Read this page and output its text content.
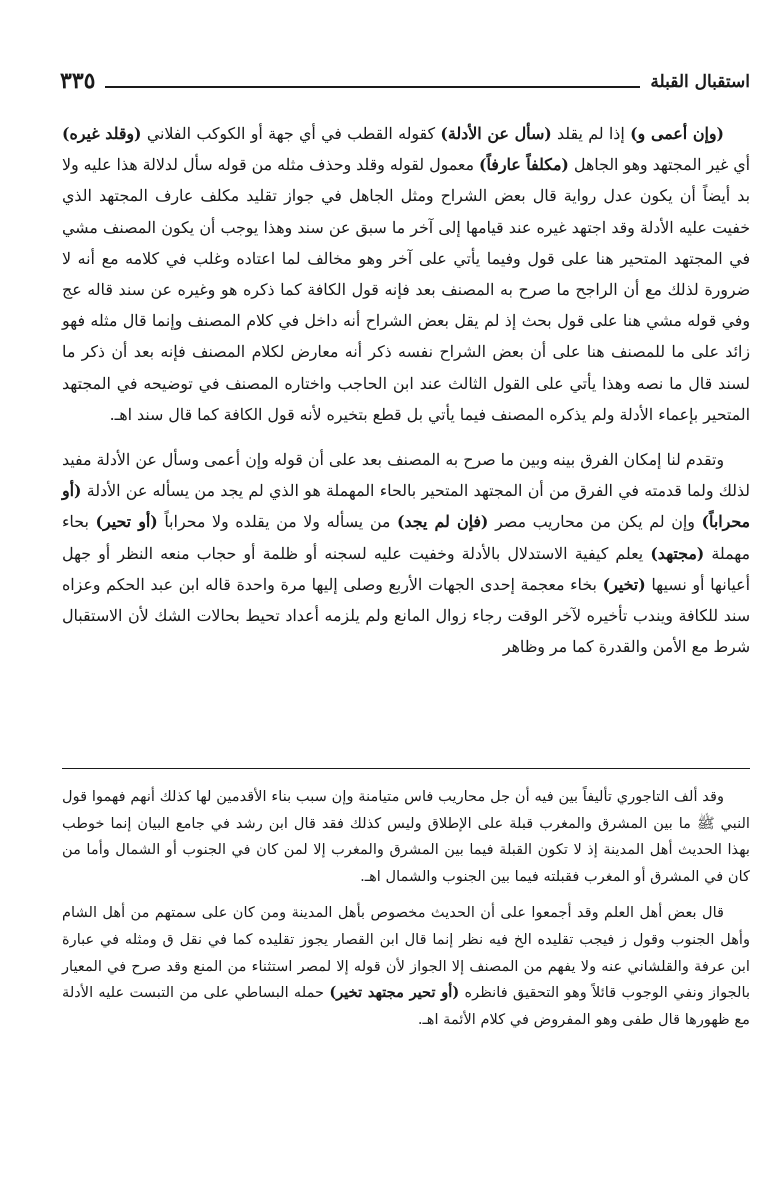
استقبال القبلة
٣٣٥

(وإن أعمى و) إذا لم يقلد (سأل عن الأدلة) كقوله القطب في أي جهة أو الكوكب الفلاني (وقلد غيره) أي غير المجتهد وهو الجاهل (مكلفاً عارفاً) معمول لقوله وقلد وحذف مثله من قوله سأل لدلالة هذا عليه ولا بد أيضاً أن يكون عدل رواية قال بعض الشراح ومثل الجاهل في جواز تقليد مكلف عارف المجتهد الذي خفيت عليه الأدلة وقد اجتهد غيره عند قيامها إلى آخر ما سبق عن سند وهذا يوجب أن يكون المصنف مشي في المجتهد المتحير هنا على قول وفيما يأتي على آخر وهو مخالف لما اعتاده وغلب في كلامه مع أنه لا ضرورة لذلك مع أن الراجح ما صرح به المصنف بعد فإنه قول الكافة كما ذكره هو وغيره عن سند قاله عج وفي قوله مشي هنا على قول بحث إذ لم يقل بعض الشراح أنه داخل في كلام المصنف وإنما قال مثله فهو زائد على ما للمصنف هنا على أن بعض الشراح نفسه ذكر أنه معارض لكلام المصنف فإنه بعد أن ذكر ما لسند قال ما نصه وهذا يأتي على القول الثالث عند ابن الحاجب واختاره المصنف في توضيحه في المجتهد المتحير بإعماء الأدلة ولم يذكره المصنف فيما يأتي بل قطع بتخيره لأنه قول الكافة كما قال سند اهـ.

وتقدم لنا إمكان الفرق بينه وبين ما صرح به المصنف بعد على أن قوله وإن أعمى وسأل عن الأدلة مفيد لذلك ولما قدمته في الفرق من أن المجتهد المتحير بالحاء المهملة هو الذي لم يجد من يسأله عن الأدلة (أو محراباً) وإن لم يكن من محاريب مصر (فإن لم يجد) من يسأله ولا من يقلده ولا محراباً (أو تحير) بحاء مهملة (مجتهد) يعلم كيفية الاستدلال بالأدلة وخفيت عليه لسجنه أو ظلمة أو حجاب منعه النظر أو جهل أعيانها أو نسيها (تخير) بخاء معجمة إحدى الجهات الأربع وصلى إليها مرة واحدة قاله ابن عبد الحكم وعزاه سند للكافة ويندب تأخيره لآخر الوقت رجاء زوال المانع ولم يلزمه أعداد تحيط بحالات الشك لأن الاستقبال شرط مع الأمن والقدرة كما مر وظاهر

وقد ألف التاجوري تأليفاً بين فيه أن جل محاريب فاس متيامنة وإن سبب بناء الأقدمين لها كذلك أنهم فهموا قول النبي ﷺ ما بين المشرق والمغرب قبلة على الإطلاق وليس كذلك فقد قال ابن رشد في جامع البيان إنما خوطب بهذا الحديث أهل المدينة إذ لا تكون القبلة فيما بين المشرق والمغرب إلا لمن كان في الجنوب أو الشمال وأما من كان في المشرق أو المغرب فقبلته فيما بين الجنوب والشمال اهـ.

قال بعض أهل العلم وقد أجمعوا على أن الحديث مخصوص بأهل المدينة ومن كان على سمتهم من أهل الشام وأهل الجنوب وقول ز فيجب تقليده الخ فيه نظر إنما قال ابن القصار يجوز تقليده كما في نقل ق ومثله في عبارة ابن عرفة والقلشاني عنه ولا يفهم من المصنف إلا الجواز لأن قوله إلا لمصر استثناء من المنع وقد صرح في المعيار بالجواز ونفي الوجوب قائلاً وهو التحقيق فانظره (أو تحير مجتهد تخير) حمله البساطي على من التبست عليه الأدلة مع ظهورها قال طفى وهو المفروض في كلام الأئمة اهـ.
